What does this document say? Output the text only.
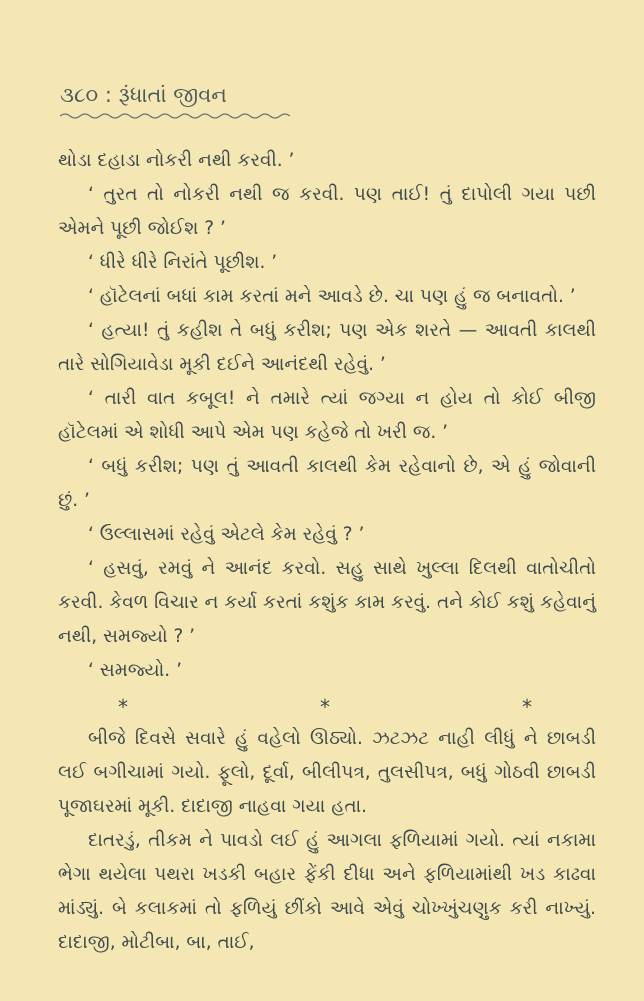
૩૮૦ : રૂંધાતાં જીવન

થોડા દહાડા નોકરી નથી કરવી. ’

‘ તુરત તો નોકરી નથી જ કરવી. પણ તાઈ! તું દાપોલી ગયા પછી એમને પૂછી જોઈશ ? ’

‘ ધીરે ધીરે નિરાંતે પૂછીશ. ’

‘ હૉટેલનાં બધાં કામ કરતાં મને આવડે છે. ચા પણ હું જ બનાવતો. ’

‘ હત્યા! તું કહીશ તે બધું કરીશ; પણ એક શરતે — આવતી કાલથી તારે સોગિયાવેડા મૂકી દઈને આનંદથી રહેવું. ’

‘ તારી વાત કબૂલ! ને તમારે ત્યાં જગ્યા ન હોય તો કોઈ બીજી હૉટેલમાં એ શોધી આપે એમ પણ કહેજે તો ખરી જ. ’

‘ બધું કરીશ; પણ તું આવતી કાલથી કેમ રહેવાનો છે, એ હું જોવાની છું. ’

‘ ઉલ્લાસમાં રહેવું એટલે કેમ રહેવું ? ’

‘ હસવું, રમવું ને આનંદ કરવો. સહુ સાથે ખુલ્લા દિલથી વાતોચીતો કરવી. કેવળ વિચાર ન કર્યા કરતાં કશુંક કામ કરવું. તને કોઈ કશું કહેવાનું નથી, સમજ્યો ? ’

‘ સમજ્યો. ’

*	*	*

બીજે દિવસે સવારે હું વહેલો ઊઠ્યો. ઝટઝટ નાહી લીધું ને છાબડી લઈ બગીચામાં ગયો. ફૂલો, દૂર્વા, બીલીપત્ર, તુલસીપત્ર, બધું ગોઠવી છાબડી પૂજાઘરમાં મૂકી. દાદાજી નાહવા ગયા હતા.

દાતરડું, તીકમ ને પાવડો લઈ હું આગલા ફળિયામાં ગયો. ત્યાં નકામા ભેગા થયેલા પથરા ખડકી બહાર ફેંકી દીધા અને ફળિયામાંથી ખડ કાઢવા માંડ્યું. બે કલાકમાં તો ફળિયું છીંકો આવે એવું ચોખ્ખુંચણુક કરી નાખ્યું. દાદાજી, મોટીબા, બા, તાઈ,
